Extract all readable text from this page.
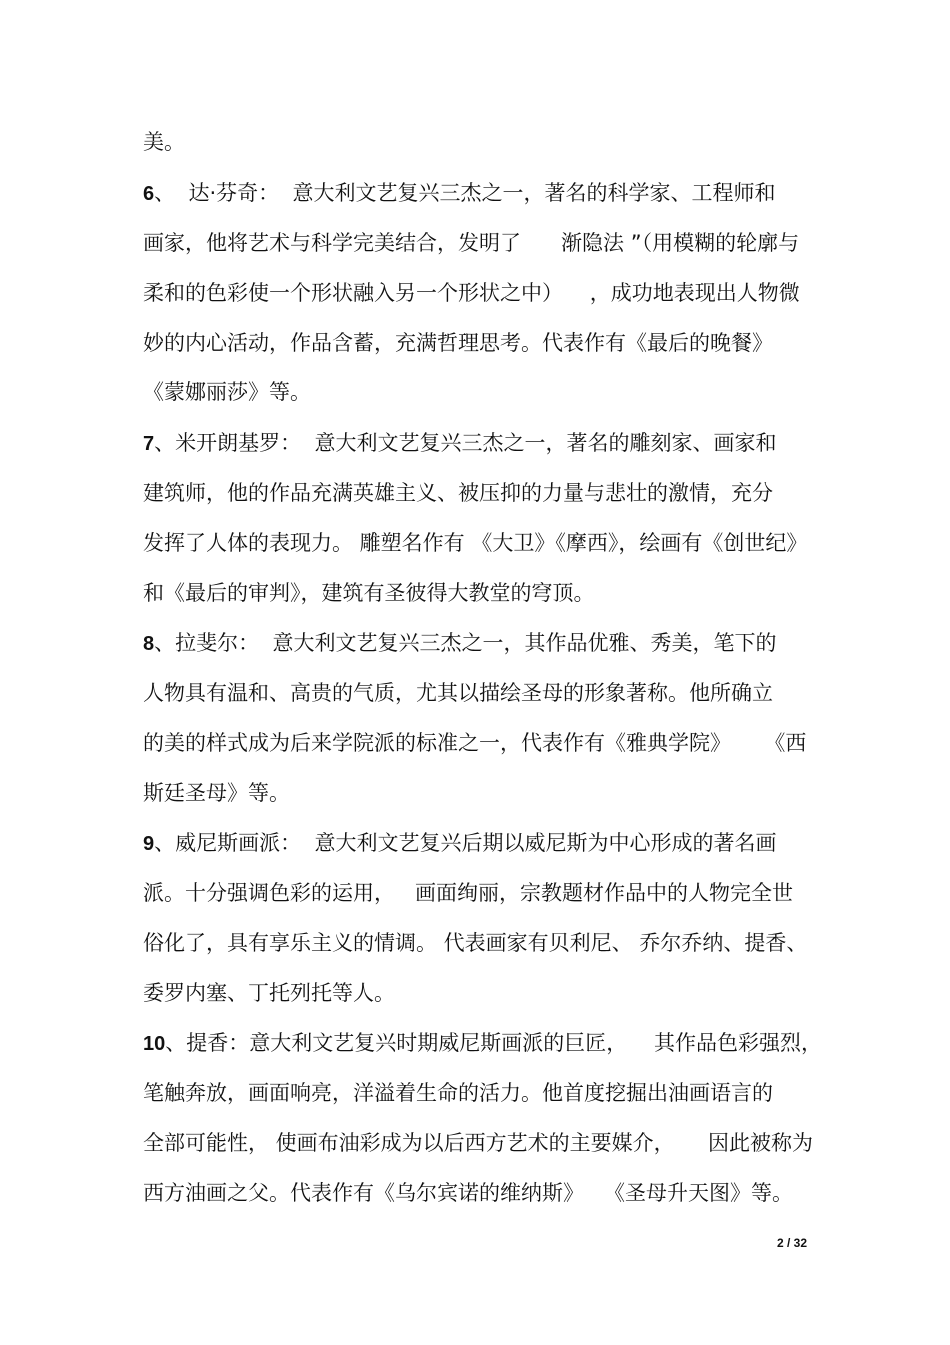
美。
6、  达·芬奇：  意大利文艺复兴三杰之一，著名的科学家、工程师和
画家，他将艺术与科学完美结合，发明了      渐隐法 ”（用模糊的轮廓与
柔和的色彩使一个形状融入另一个形状之中）    ，成功地表现出人物微
妙的内心活动，作品含蓄，充满哲理思考。代表作有《最后的晚餐》
《蒙娜丽莎》等。
7、米开朗基罗：  意大利文艺复兴三杰之一，著名的雕刻家、画家和
建筑师，他的作品充满英雄主义、被压抑的力量与悲壮的激情，充分
发挥了人体的表现力。 雕塑名作有 《大卫》《摩西》，绘画有《创世纪》
和《最后的审判》，建筑有圣彼得大教堂的穹顶。
8、拉斐尔：  意大利文艺复兴三杰之一，其作品优雅、秀美，笔下的
人物具有温和、高贵的气质，尤其以描绘圣母的形象著称。他所确立
的美的样式成为后来学院派的标准之一，代表作有《雅典学院》     《西
斯廷圣母》等。
9、威尼斯画派：  意大利文艺复兴后期以威尼斯为中心形成的著名画
派。十分强调色彩的运用，   画面绚丽，宗教题材作品中的人物完全世
俗化了，具有享乐主义的情调。 代表画家有贝利尼、 乔尔乔纳、提香、
委罗内塞、丁托列托等人。
10、提香：意大利文艺复兴时期威尼斯画派的巨匠，    其作品色彩强烈，
笔触奔放，画面响亮，洋溢着生命的活力。他首度挖掘出油画语言的
全部可能性， 使画布油彩成为以后西方艺术的主要媒介，     因此被称为
西方油画之父。代表作有《乌尔宾诺的维纳斯》   《圣母升天图》等。
2 / 32
